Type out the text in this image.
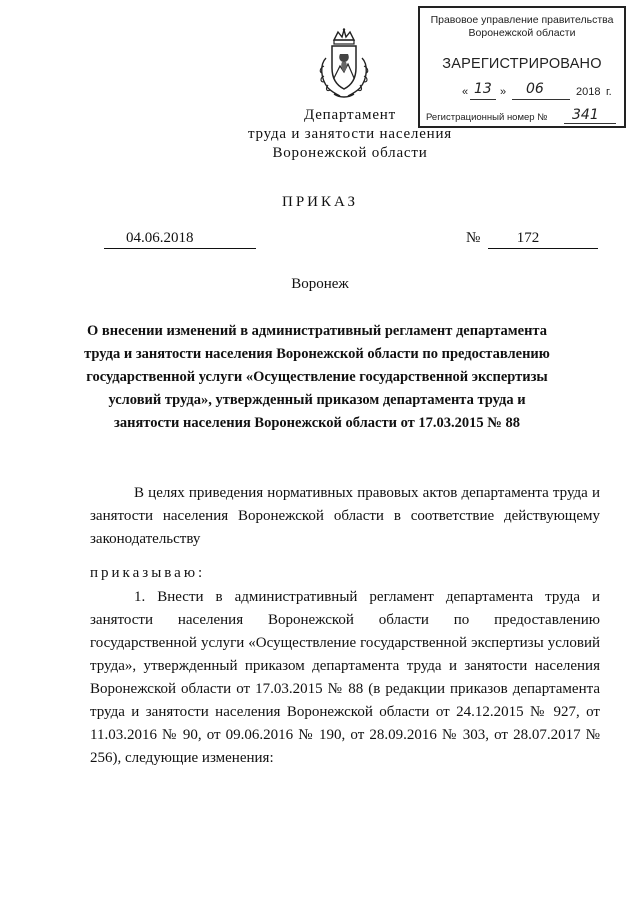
Правовое управление правительства Воронежской области
ЗАРЕГИСТРИРОВАНО
« 13 » 06	2018 г.
Регистрационный номер № 341
Департамент
труда и занятости населения
Воронежской области
ПРИКАЗ
04.06.2018	№	172
Воронеж
О внесении изменений в административный регламент департамента труда и занятости населения Воронежской области по предоставлению государственной услуги «Осуществление государственной экспертизы условий труда», утвержденный приказом департамента труда и занятости населения Воронежской области от 17.03.2015 № 88
В целях приведения нормативных правовых актов департамента труда и занятости населения Воронежской области в соответствие действующему законодательству
приказываю:
1. Внести в административный регламент департамента труда и занятости населения Воронежской области по предоставлению государственной услуги «Осуществление государственной экспертизы условий труда», утвержденный приказом департамента труда и занятости населения Воронежской области от 17.03.2015 № 88 (в редакции приказов департамента труда и занятости населения Воронежской области от 24.12.2015 № 927, от 11.03.2016 № 90, от 09.06.2016 № 190, от 28.09.2016 № 303, от 28.07.2017 № 256), следующие изменения:
